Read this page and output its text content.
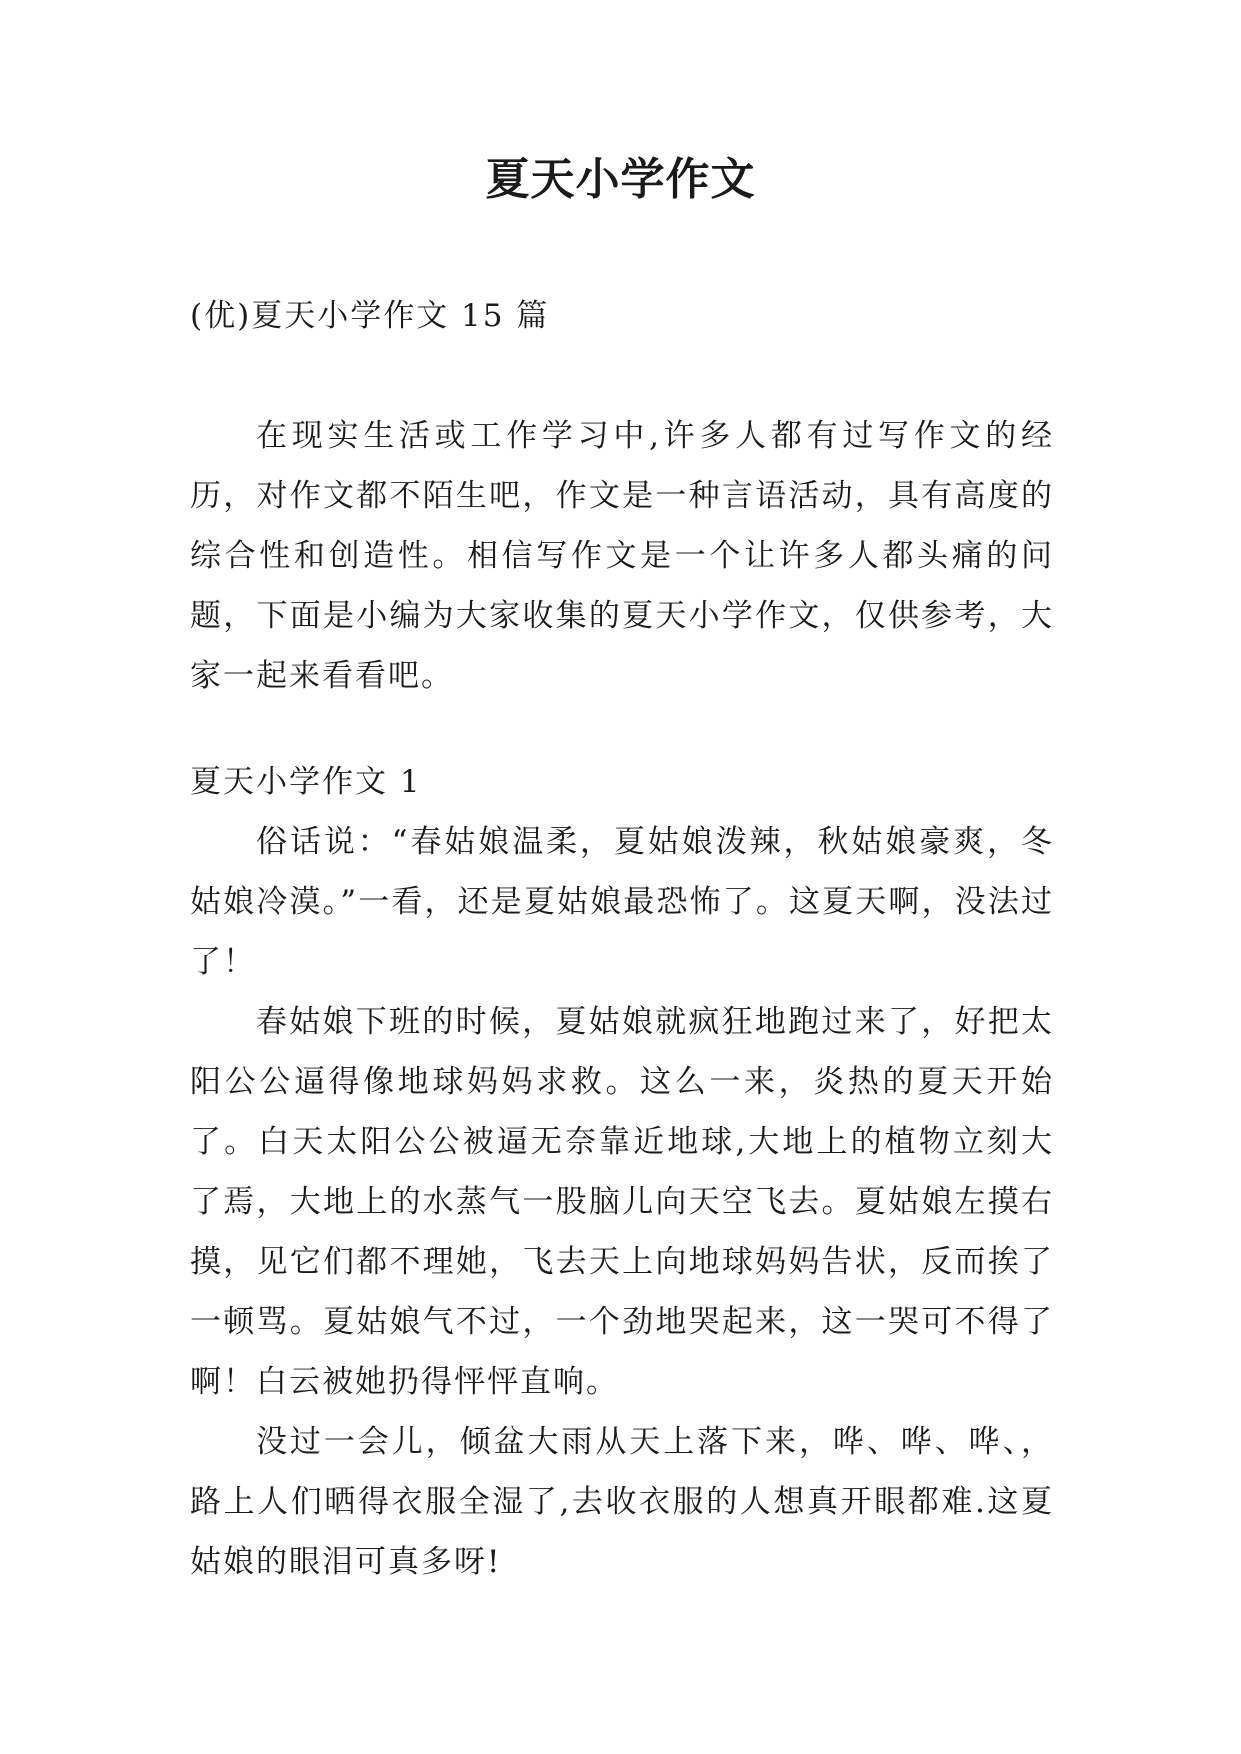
夏天小学作文
(优)夏天小学作文 15 篇

在现实生活或工作学习中,许多人都有过写作文的经历，对作文都不陌生吧，作文是一种言语活动，具有高度的综合性和创造性。相信写作文是一个让许多人都头痛的问题，下面是小编为大家收集的夏天小学作文，仅供参考，大家一起来看看吧。

夏天小学作文 1

俗话说：“春姑娘温柔，夏姑娘泼辣，秋姑娘豪爽，冬姑娘冷漠。”一看，还是夏姑娘最恐怖了。这夏天啊，没法过了！

春姑娘下班的时候，夏姑娘就疯狂地跑过来了，好把太阳公公逼得像地球妈妈求救。这么一来，炎热的夏天开始了。白天太阳公公被逼无奈靠近地球,大地上的植物立刻大了焉，大地上的水蒸气一股脑儿向天空飞去。夏姑娘左摸右摸，见它们都不理她，飞去天上向地球妈妈告状，反而挨了一顿骂。夏姑娘气不过，一个劲地哭起来，这一哭可不得了啊！白云被她扔得怦怦直响。

没过一会儿，倾盆大雨从天上落下来，哗、哗、哗、，路上人们晒得衣服全湿了,去收衣服的人想真开眼都难.这夏姑娘的眼泪可真多呀!
